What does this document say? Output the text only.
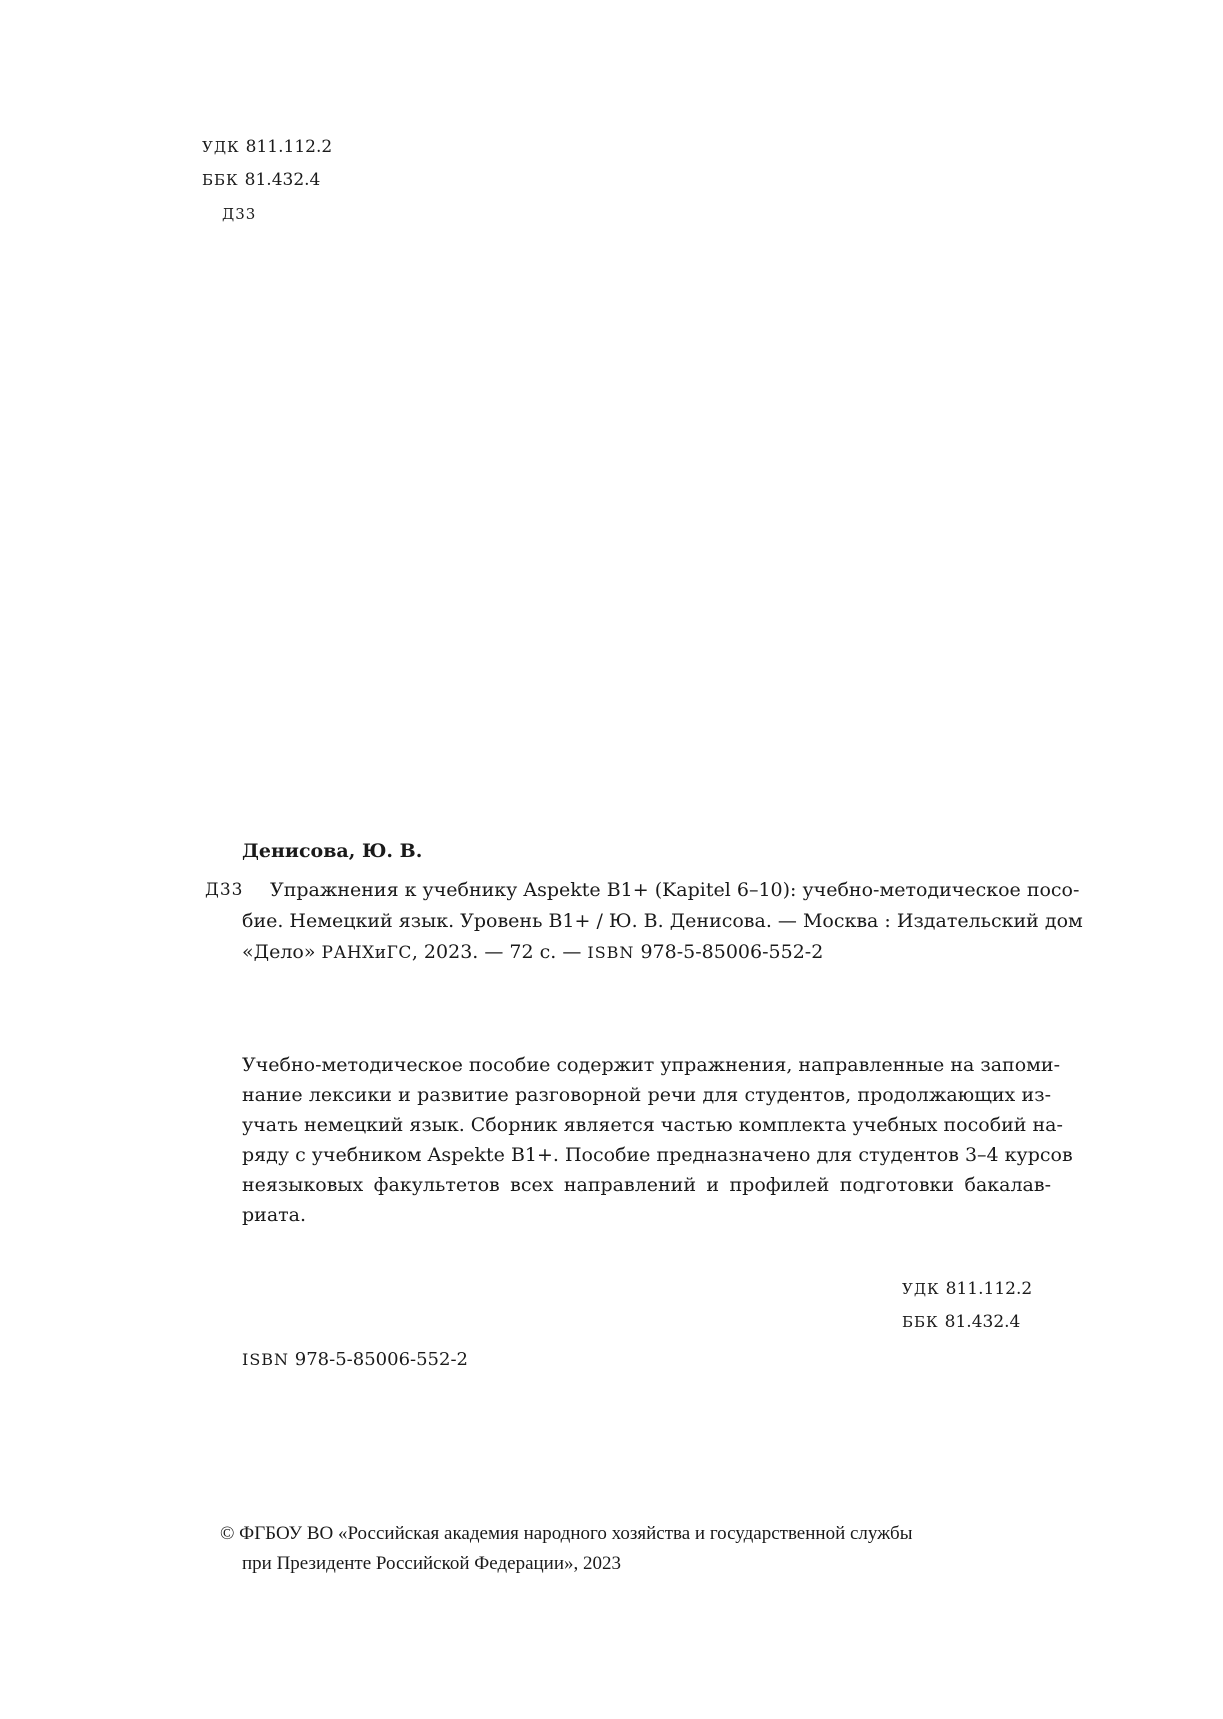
УДК 811.112.2
ББК 81.432.4
Д33
Денисова, Ю. В.
Д33 Упражнения к учебнику Aspekte B1+ (Kapitel 6–10): учебно-методическое посо-
бие. Немецкий язык. Уровень B1+ / Ю. В. Денисова. — Москва : Издательский дом
«Дело» РАНХиГС, 2023. — 72 с. — ISBN 978-5-85006-552-2
Учебно-методическое пособие содержит упражнения, направленные на запоми-
нание лексики и развитие разговорной речи для студентов, продолжающих из-
учать немецкий язык. Сборник является частью комплекта учебных пособий на-
ряду с учебником Aspekte B1+. Пособие предназначено для студентов 3–4 курсов
неязыковых факультетов всех направлений и профилей подготовки бакалав-
риата.
УДК 811.112.2
ББК 81.432.4
ISBN 978-5-85006-552-2
© ФГБОУ ВО «Российская академия народного хозяйства и государственной службы
при Президенте Российской Федерации», 2023
